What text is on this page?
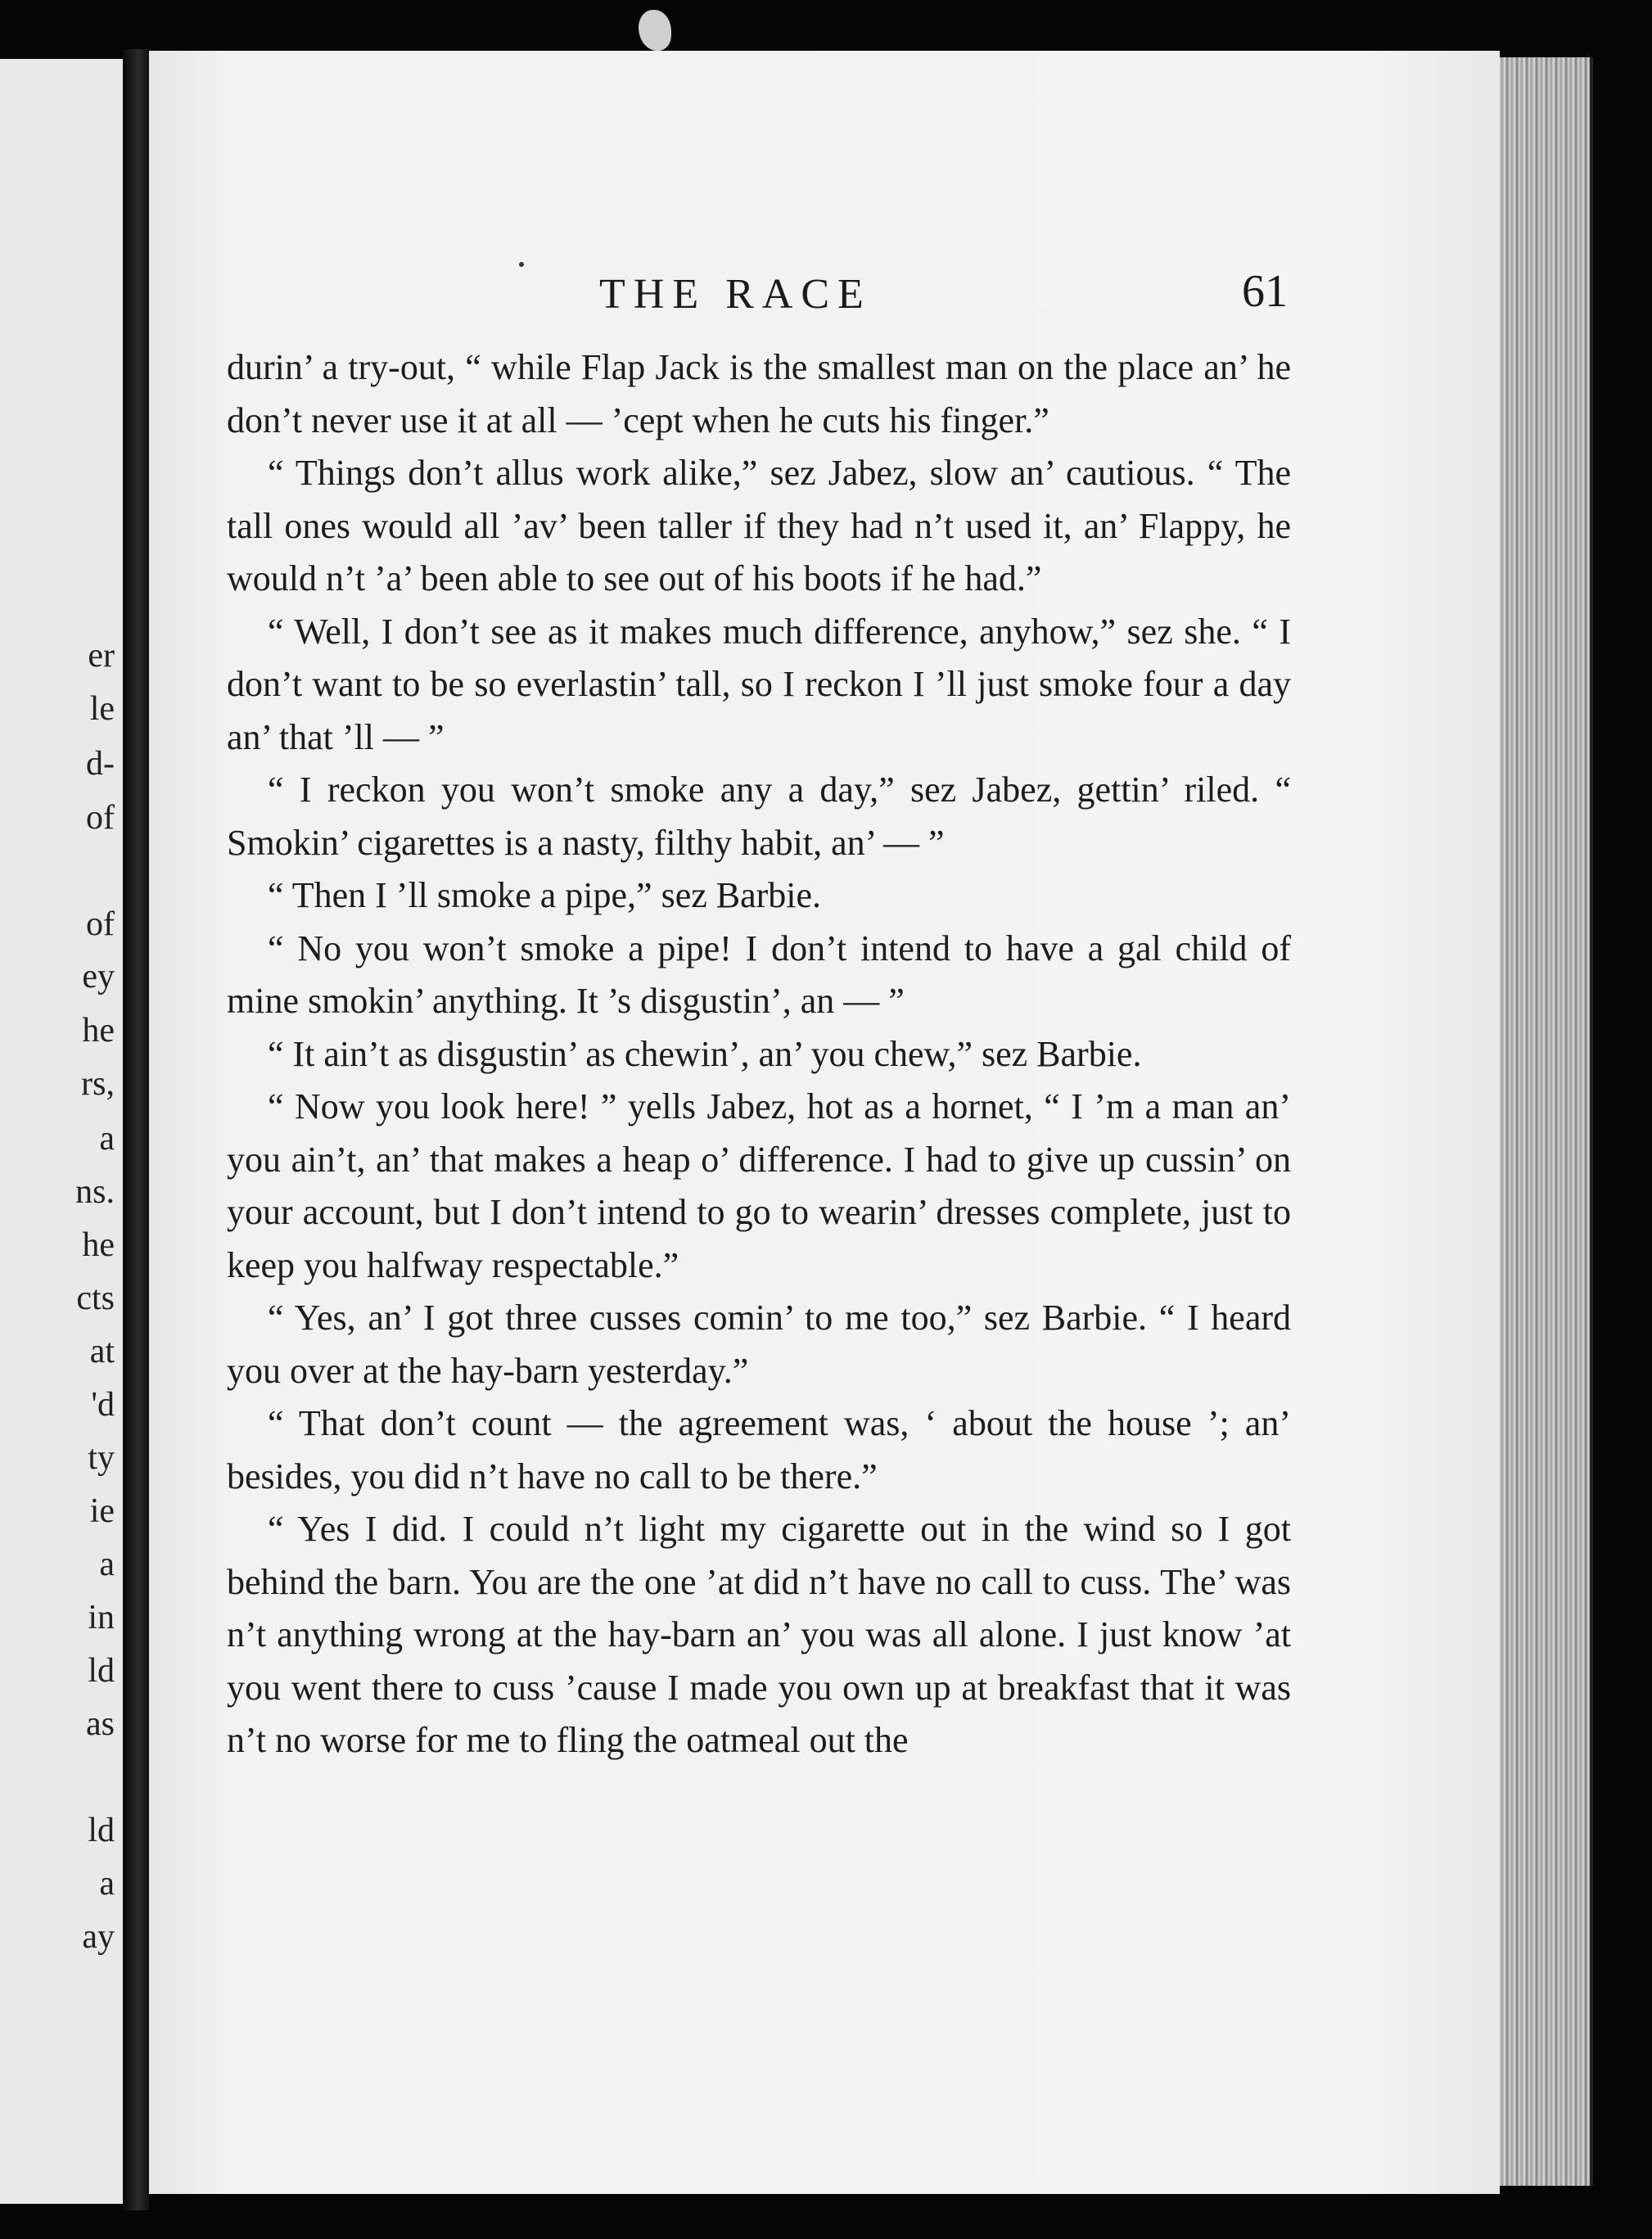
er
le
d-
of
of
ey
he
rs,
a
ns.
he
cts
at
'd
ty
ie
a
in
ld
as
ld
a
ay
THE RACE	61

durin’ a try-out, “ while Flap Jack is the smallest man on the place an’ he don’t never use it at all — ’cept when he cuts his finger.”

“ Things don’t allus work alike,” sez Jabez, slow an’ cautious. “ The tall ones would all ’av’ been taller if they had n’t used it, an’ Flappy, he would n’t ’a’ been able to see out of his boots if he had.”

“ Well, I don’t see as it makes much difference, anyhow,” sez she. “ I don’t want to be so everlastin’ tall, so I reckon I ’ll just smoke four a day an’ that ’ll — ”

“ I reckon you won’t smoke any a day,” sez Jabez, gettin’ riled. “ Smokin’ cigarettes is a nasty, filthy habit, an’ — ”

“ Then I ’ll smoke a pipe,” sez Barbie.

“ No you won’t smoke a pipe! I don’t intend to have a gal child of mine smokin’ anything. It ’s disgustin’, an — ”

“ It ain’t as disgustin’ as chewin’, an’ you chew,” sez Barbie.

“ Now you look here! ” yells Jabez, hot as a hornet, “ I ’m a man an’ you ain’t, an’ that makes a heap o’ difference. I had to give up cussin’ on your account, but I don’t intend to go to wearin’ dresses complete, just to keep you halfway respectable.”

“ Yes, an’ I got three cusses comin’ to me too,” sez Barbie. “ I heard you over at the hay-barn yesterday.”

“ That don’t count — the agreement was, ‘ about the house ’; an’ besides, you did n’t have no call to be there.”

“ Yes I did. I could n’t light my cigarette out in the wind so I got behind the barn. You are the one ’at did n’t have no call to cuss. The’ was n’t anything wrong at the hay-barn an’ you was all alone. I just know ’at you went there to cuss ’cause I made you own up at breakfast that it was n’t no worse for me to fling the oatmeal out the
